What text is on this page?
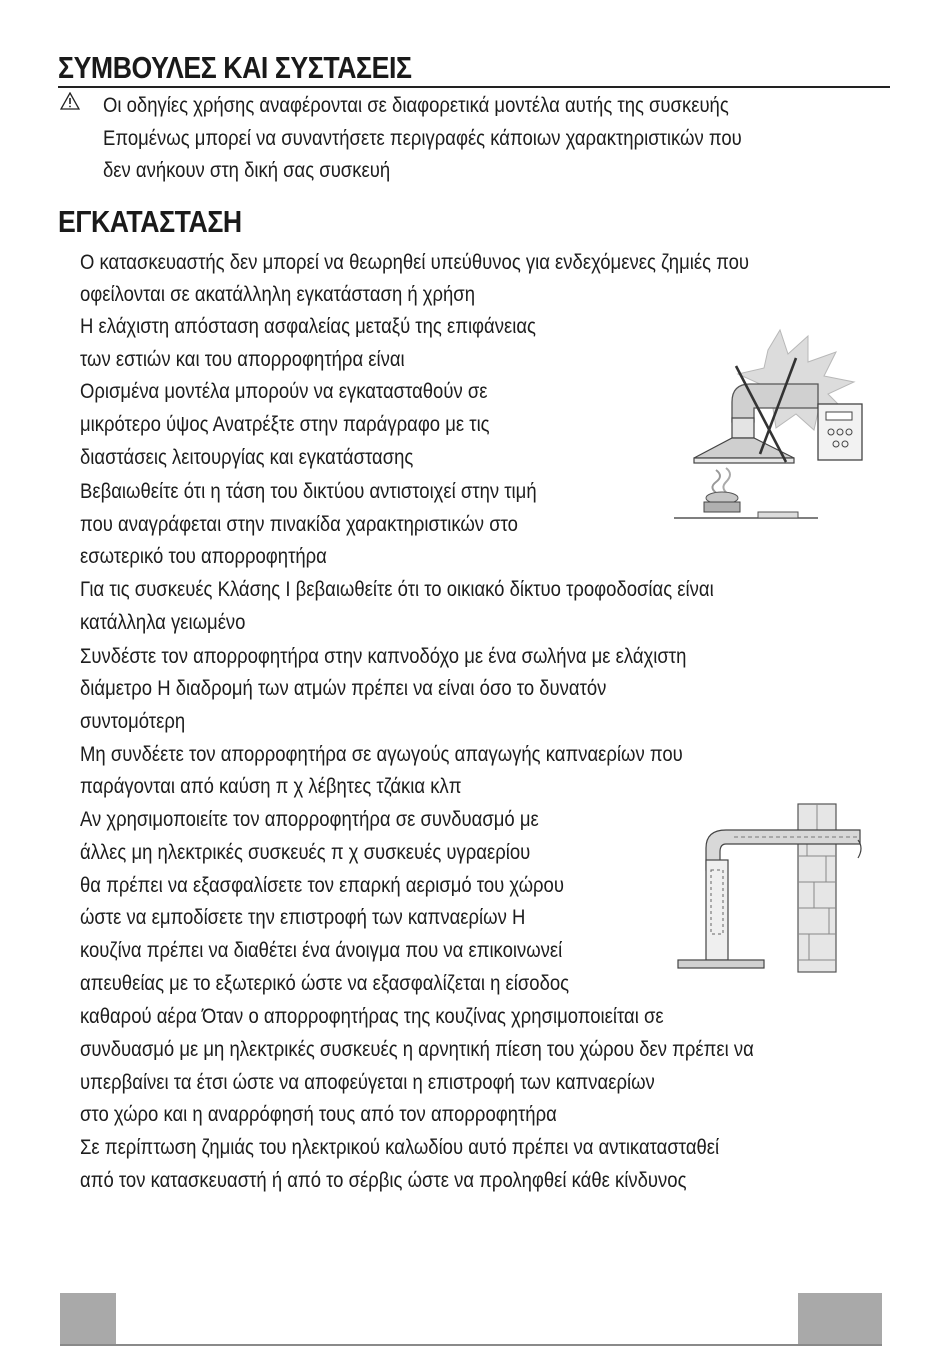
ΣΥΜΒΟΥΛΕΣ ΚΑΙ ΣΥΣΤΑΣΕΙΣ
Οι οδηγίες χρήσης αναφέρονται σε διαφορετικά μοντέλα αυτής της συσκευής
Επομένως μπορεί να συναντήσετε περιγραφές κάποιων χαρακτηριστικών που
δεν ανήκουν στη δική σας συσκευή
ΕΓΚΑΤΑΣΤΑΣΗ
Ο κατασκευαστής δεν μπορεί να θεωρηθεί υπεύθυνος για ενδεχόμενες ζημιές που
οφείλονται σε ακατάλληλη εγκατάσταση ή χρήση
Η ελάχιστη απόσταση ασφαλείας μεταξύ της επιφάνειας
των εστιών και του απορροφητήρα είναι
Ορισμένα μοντέλα μπορούν να εγκατασταθούν σε
μικρότερο ύψος Ανατρέξτε στην παράγραφο με τις
διαστάσεις λειτουργίας και εγκατάστασης
Βεβαιωθείτε ότι η τάση του δικτύου αντιστοιχεί στην τιμή
που αναγράφεται στην πινακίδα χαρακτηριστικών στο
εσωτερικό του απορροφητήρα
Για τις συσκευές Κλάσης Ι βεβαιωθείτε ότι το οικιακό δίκτυο τροφοδοσίας είναι
κατάλληλα γειωμένο
Συνδέστε τον απορροφητήρα στην καπνοδόχο με ένα σωλήνα με ελάχιστη
διάμετρο Η διαδρομή των ατμών πρέπει να είναι όσο το δυνατόν
συντομότερη
Μη συνδέετε τον απορροφητήρα σε αγωγούς απαγωγής καπναερίων που
παράγονται από καύση π χ λέβητες τζάκια κλπ
Αν χρησιμοποιείτε τον απορροφητήρα σε συνδυασμό με
άλλες μη ηλεκτρικές συσκευές π χ συσκευές υγραερίου
θα πρέπει να εξασφαλίσετε τον επαρκή αερισμό του χώρου
ώστε να εμποδίσετε την επιστροφή των καπναερίων Η
κουζίνα πρέπει να διαθέτει ένα άνοιγμα που να επικοινωνεί
απευθείας με το εξωτερικό ώστε να εξασφαλίζεται η είσοδος
καθαρού αέρα Όταν ο απορροφητήρας της κουζίνας χρησιμοποιείται σε
συνδυασμό με μη ηλεκτρικές συσκευές η αρνητική πίεση του χώρου δεν πρέπει να
υπερβαίνει τα έτσι ώστε να αποφεύγεται η επιστροφή των καπναερίων
στο χώρο και η αναρρόφησή τους από τον απορροφητήρα
Σε περίπτωση ζημιάς του ηλεκτρικού καλωδίου αυτό πρέπει να αντικατασταθεί
από τον κατασκευαστή ή από το σέρβις ώστε να προληφθεί κάθε κίνδυνος
